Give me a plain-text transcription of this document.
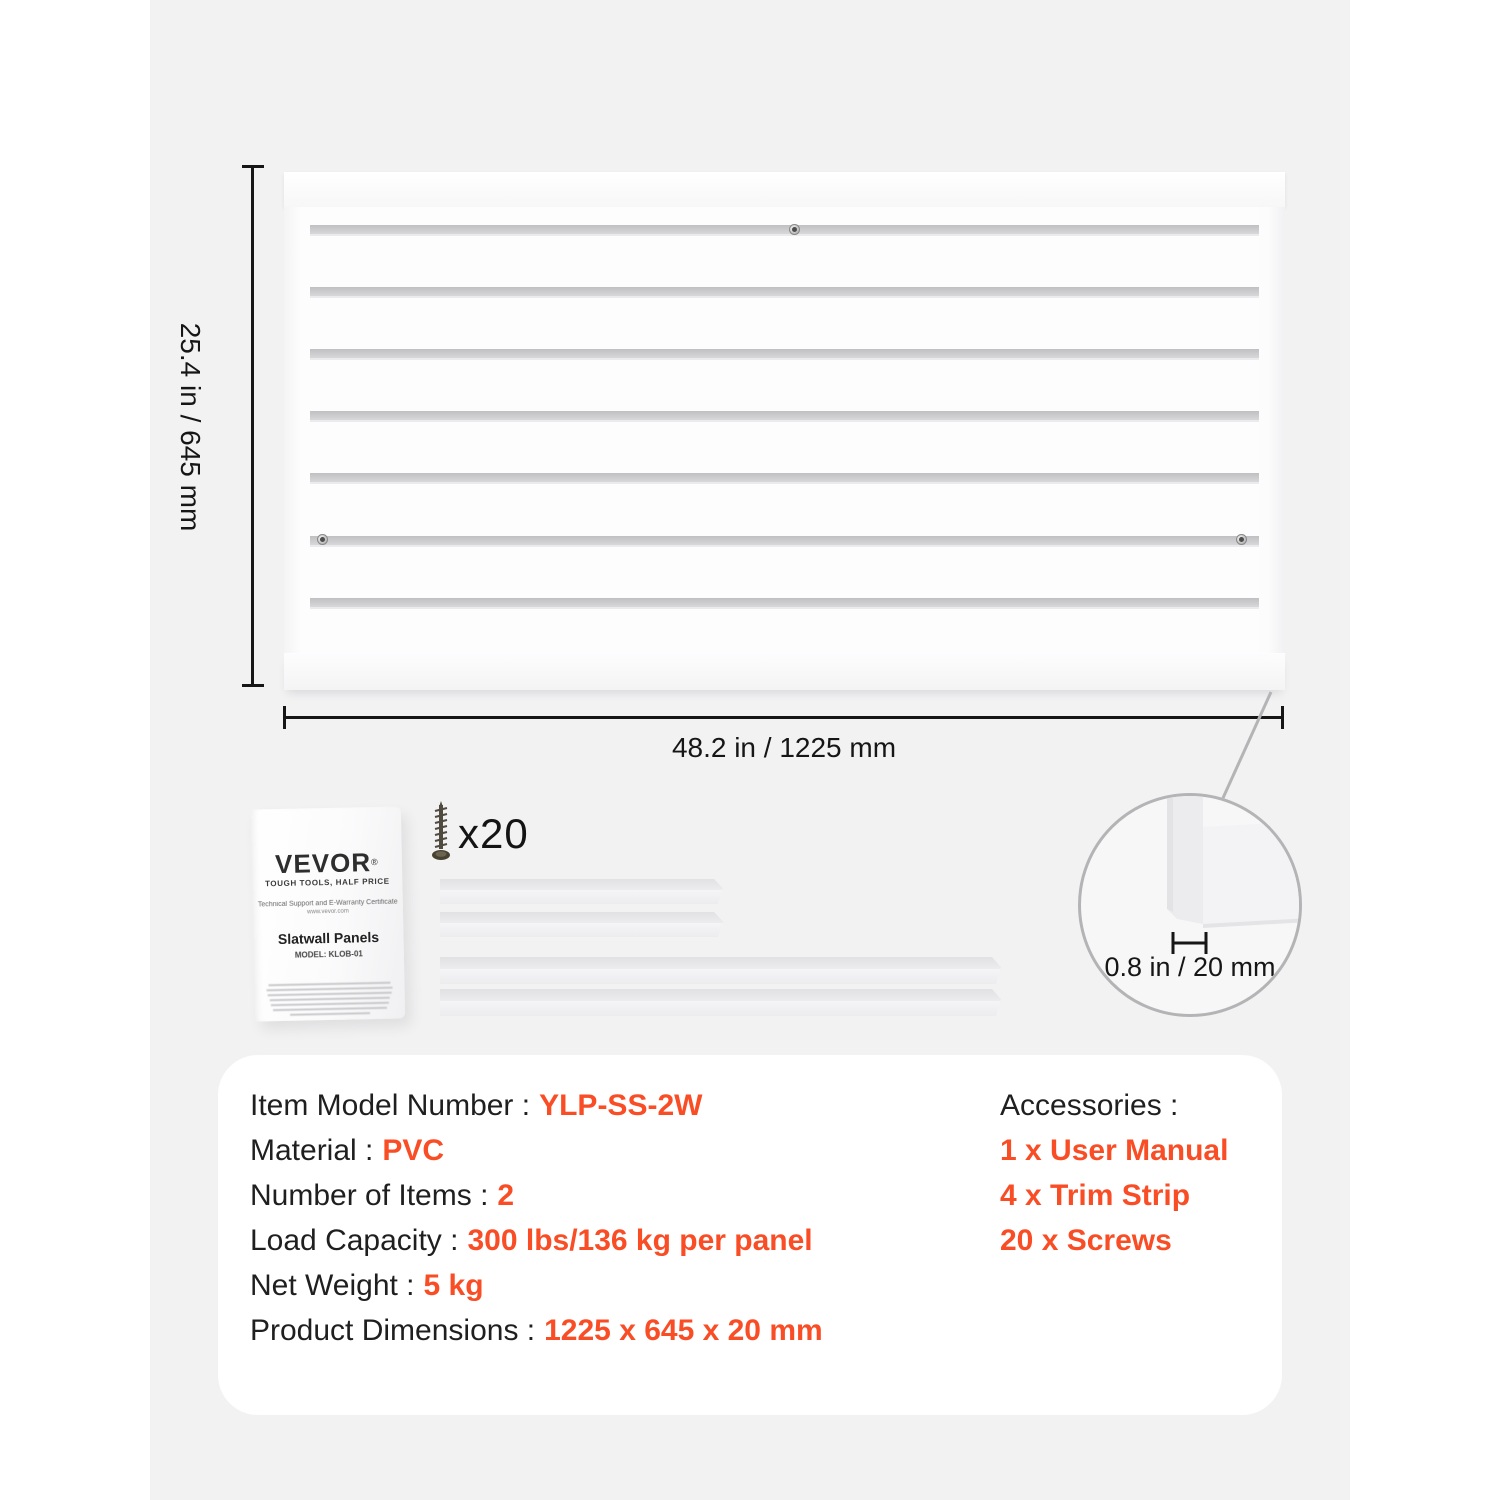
25.4 in / 645 mm
48.2 in / 1225 mm
0.8 in / 20 mm
VEVOR®
TOUGH TOOLS, HALF PRICE
Technical Support and E-Warranty Certificate
www.vevor.com
Slatwall Panels
MODEL: KLOB-01
x20
Item Model Number : YLP-SS-2W
Material : PVC
Number of Items : 2
Load Capacity : 300 lbs/136 kg per panel
Net Weight : 5 kg
Product Dimensions : 1225 x 645 x 20 mm
Accessories :
1 x User Manual
4 x Trim Strip
20 x Screws
